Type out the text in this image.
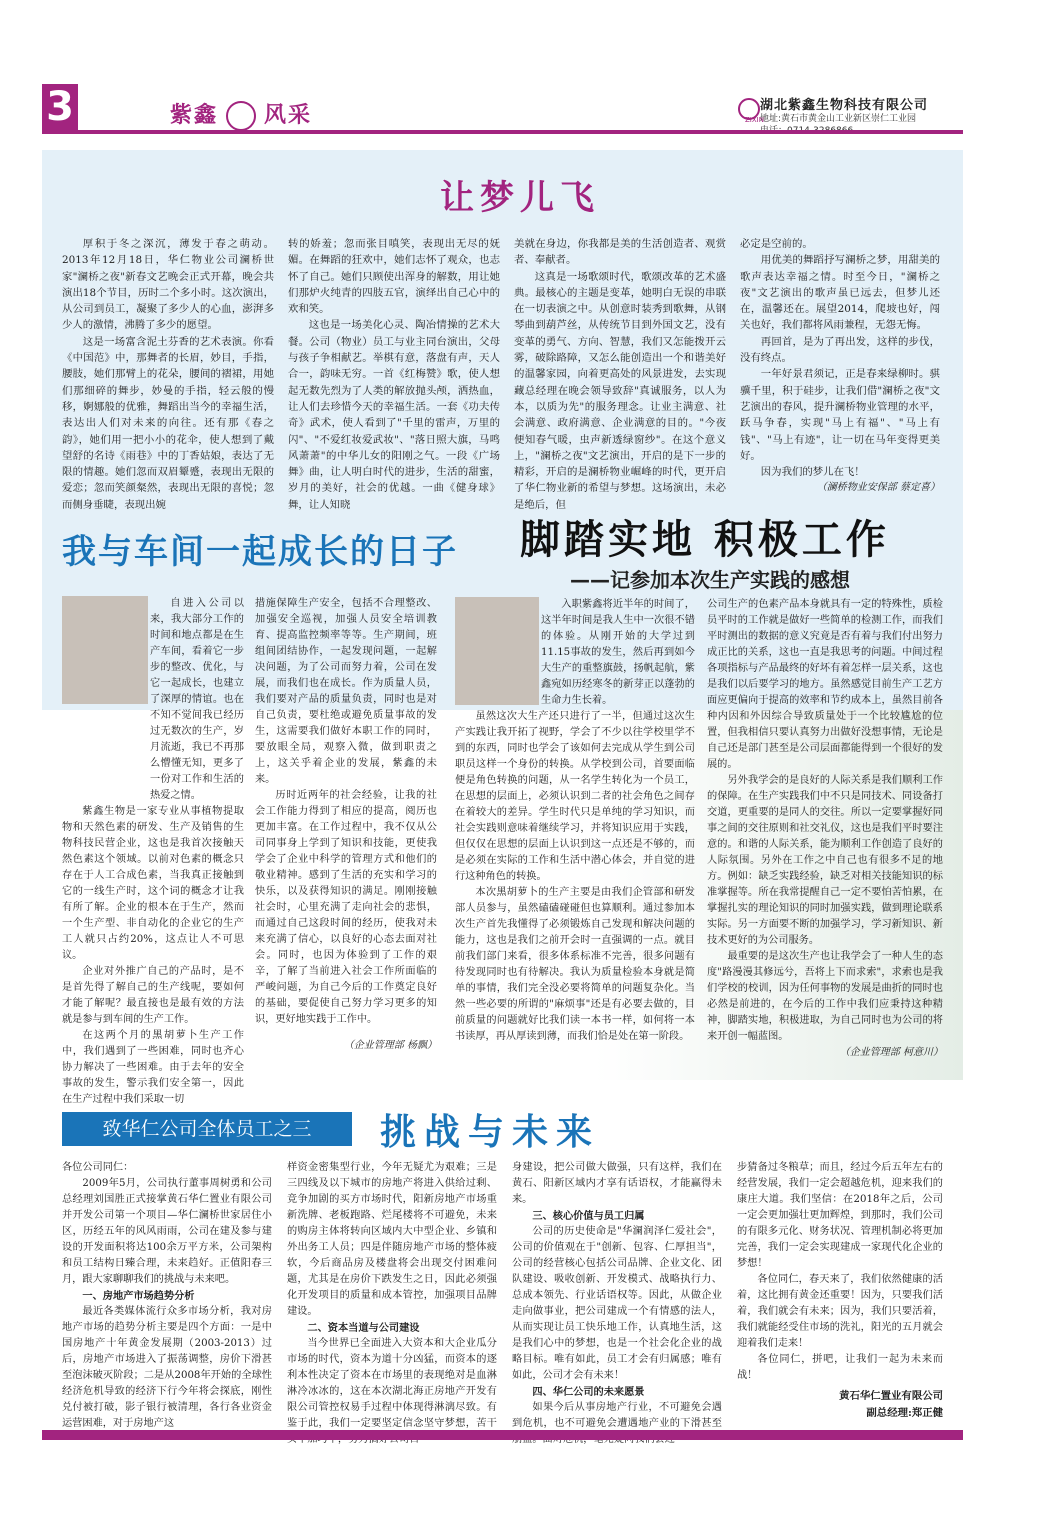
3	紫鑫 风采	湖北紫鑫生物科技有限公司
地址:黄石市黄金山工业新区崇仁工业园
ZIXIN
让梦儿飞

厚积于冬之深沉，薄发于春之萌动。2013年12月18日，华仁物业公司澜桥世家"澜桥之夜"新春文艺晚会正式开幕，晚会共演出18个节目，历时二个多小时。这次演出，从公司到员工，凝聚了多少人的心血，澎湃多少人的激情，沸腾了多少的愿望。

这是一场富含泥土芬香的艺术表演。你看《中国范》中，那舞者的长眉，妙目，手指，腰肢，她们那臂上的花朵，腰间的褶裙，用她们那细碎的舞步，妙曼的手指，轻云般的慢移，婀娜般的优雅，舞蹈出当今的幸福生活，表达出人们对未来的向往。还有那《春之韵》，她们用一把小小的花伞，使人想到了戴望舒的名诗《雨巷》中的丁香姑娘，表达了无限的情趣。她们忽而双眉颦蹙，表现出无限的爱恋；忽而笑颜粲然，表现出无限的喜悦；忽而侧身垂睫，表现出婉

转的娇羞；忽而张目嗔笑，表现出无尽的妩媚。在舞蹈的狂欢中，她们志怀了观众，也志怀了自己。她们只顾使出浑身的解数，用让她们那炉火纯青的四肢五官，演绎出自己心中的欢和笑。

这也是一场美化心灵、陶冶情操的艺术大餐。公司（物业）员工与业主同台演出，父母与孩子争相献艺。举棋有意，落盘有声，天人合一，韵味无穷。一首《红梅赞》歌，使人想起无数先烈为了人类的解放抛头颅，洒热血，让人们去珍惜今天的幸福生活。一套《功夫传奇》武术，使人看到了"千里的雷声，万里的闪"、"不爱红妆爱武妆"、"落日照大旗，马鸣风萧萧"的中华儿女的阳刚之气。一段《广场舞》曲，让人明白时代的进步，生活的甜蜜，岁月的美好，社会的优越。一曲《健身球》舞，让人知晓

美就在身边，你我都是美的生活创造者、观赏者、奉献者。

这真是一场歌颂时代，歌颂改革的艺术盛典。最核心的主题是变革，她明白无误的串联在一切表演之中。从创意时装秀到歌舞，从钢琴曲到葫芦丝，从传统节目到外国文艺，没有变革的勇气、方向、智慧，我们又怎能拨开云雾，破除路障，又怎么能创造出一个和谐美好的温馨家园，向着更高处的风景进发，去实现藏总经理在晚会领导致辞"真诚服务，以人为本，以质为先"的服务理念。让业主满意、社会满意、政府满意、企业满意的目的。"今夜便知春气暖，虫声新透绿窗纱"。在这个意义上，"澜桥之夜"文艺演出，开启的是下一步的精彩，开启的是澜桥物业崛峰的时代，更开启了华仁物业新的希望与梦想。这场演出，未必是绝后，但

必定是空前的。

用优美的舞蹈抒写澜桥之梦，用甜美的歌声表达幸福之情。时至今日，"澜桥之夜"文艺演出的歌声虽已远去，但梦儿还在，温馨还在。展望2014，爬坡也好，闯关也好，我们都将风雨兼程，无怨无悔。

再回首，是为了再出发，这样的步伐，没有终点。

一年好景君须记，正是春来绿柳时。骐骥千里，积于硅步，让我们借"澜桥之夜"文艺演出的春风，提升澜桥物业管理的水平，跃马争春，实现"马上有福"、"马上有钱"、"马上有迹"，让一切在马年变得更美好。

因为我们的梦儿在飞！

（澜桥物业安保部 蔡定喜）
我与车间一起成长的日子

自进入公司以来，我大部分工作的时间和地点都是在生产车间，看着它一步步的整改、优化，与它一起成长，也建立了深厚的情谊。也在不知不觉间我已经历过无数次的生产，岁月流逝，我已不再那么懵懂无知，更多了一份对工作和生活的热爱之情。

紫鑫生物是一家专业从事植物提取物和天然色素的研发、生产及销售的生物科技民营企业，这也是我首次接触天然色素这个领域。以前对色素的概念只存在于人工合成色素，当我真正接触到它的一线生产时，这个词的概念才让我有所了解。企业的根本在于生产，然而一个生产型、非自动化的企业它的生产工人就只占约20%，这点让人不可思议。

企业对外推广自己的产品时，是不是首先得了解自己的生产线呢，要如何才能了解呢？最直接也是最有效的方法就是参与到车间的生产工作。

在这两个月的黑胡萝卜生产工作中，我们遇到了一些困难，同时也齐心协力解决了一些困难。由于去年的安全事故的发生，警示我们安全第一，因此在生产过程中我们采取一切

措施保障生产安全，包括不合理整改、加强安全巡视，加强人员安全培训教育、提高监控频率等等。生产期间，班组间团结协作，一起发现问题，一起解决问题，为了公司而努力着，公司在发展，而我们也在成长。作为质量人员，我们要对产品的质量负责，同时也是对自己负责，要杜绝或避免质量事故的发生，这需要我们做好本职工作的同时，要放眼全局，观察入微，做到职责之上，这关乎着企业的发展，紫鑫的未来。

历时近两年的社会经验，让我的社会工作能力得到了相应的提高，阅历也更加丰富。在工作过程中，我不仅从公司同事身上学到了知识和技能，更使我学会了企业中科学的管理方式和他们的敬业精神。感到了生活的充实和学习的快乐，以及获得知识的满足。刚刚接触社会时，心里充满了走向社会的悲惧，而通过自己这段时间的经历，使我对未来充满了信心，以良好的心态去面对社会。同时，也因为体验到了工作的艰辛，了解了当前进入社会工作所面临的严峻问题，为自己今后的工作奠定良好的基础，要促使自己努力学习更多的知识，更好地实践于工作中。

（企业管理部 杨飘）
脚踏实地 积极工作
——记参加本次生产实践的感想

入职紫鑫将近半年的时间了，这半年时间是我人生中一次很不错的体验。从刚开始的大学过到11.15事故的发生，然后再到如今大生产的重整旗鼓，扬帆起航，紫鑫宛如历经寒冬的新芽正以蓬勃的生命力生长着。

虽然这次大生产还只进行了一半，但通过这次生产实践让我开拓了视野，学会了不少以往学校里学不到的东西，同时也学会了该如何去完成从学生到公司职员这样一个身份的转换。从学校到公司，首要面临便是角色转换的问题，从一名学生转化为一个员工，在思想的层面上，必须认识到二者的社会角色之间存在着较大的差异。学生时代只是单纯的学习知识，而社会实践则意味着继续学习，并将知识应用于实践，但仅仅在思想的层面上认识到这一点还是不够的，而是必须在实际的工作和生活中潜心体会，并自觉的进行这种角色的转换。

本次黑胡萝卜的生产主要是由我们企管部和研发部人员参与，虽然磕磕碰碰但也算顺利。通过参加本次生产首先我懂得了必须锻炼自己发现和解决问题的能力，这也是我们之前开会时一直强调的一点。就目前我们部门来看，很多体系标准不完善，很多问题有待发现同时也有待解决。我认为质量检验本身就是简单的事情，我们完全没必要将简单的问题复杂化。当然一些必要的所谓的"麻烦事"还是有必要去做的，目前质量的问题就好比我们读一本书一样，如何将一本书读厚，再从厚读到薄，而我们恰是处在第一阶段。

公司生产的色素产品本身就具有一定的特殊性，质检员平时的工作就是做好一些简单的检测工作，而我们平时测出的数据的意义究竟是否有着与我们付出努力成正比的关系，这也一直是我思考的问题。中间过程各项指标与产品最终的好坏有着怎样一层关系，这也是我们以后要学习的地方。虽然感觉目前生产工艺方面应更偏向于提高的效率和节约成本上，虽然目前各种内因和外因综合导致质量处于一个比较尴尬的位置，但我相信只要认真努力出做好没想事情，无论是自己还是部门甚至是公司层面都能得到一个很好的发展的。

另外我学会的是良好的人际关系是我们顺利工作的保障。在生产实践我们中不只是同技术、同设备打交道，更重要的是同人的交往。所以一定要掌握好同事之间的交往原则和社交礼仪，这也是我们平时要注意的。和谐的人际关系，能为顺利工作创造了良好的人际氛围。另外在工作之中自己也有很多不足的地方。例如：缺乏实践经验，缺乏对相关技能知识的标准掌握等。所在我常提醒自己一定不要怕苦怕累，在掌握扎实的理论知识的同时加强实践，做到理论联系实际。另一方面要不断的加强学习，学习新知识、新技术更好的为公司服务。

最重要的是这次生产也让我学会了一种人生的态度"路漫漫其修远兮，吾将上下而求索"，求索也是我们学校的校训，因为任何事物的发展是曲折的同时也必然是前进的，在今后的工作中我们应秉持这种精神，脚踏实地，积极进取，为自己同时也为公司的将来开创一幅蓝图。

（企业管理部 柯意川）
致华仁公司全体员工之三	挑战与未来

各位公司同仁：

2009年5月，公司执行董事周树勇和公司总经理刘国胜正式接掌黄石华仁置业有限公司并开发公司第一个项目—华仁澜桥世家居住小区，历经五年的风风雨雨，公司在建及参与建设的开发面积将达100余万平方米，公司架构和员工结构日臻合理，未来趋好。正值阳春三月，跟大家聊聊我们的挑战与未来吧。

一、房地产市场趋势分析

最近各类媒体流行众多市场分析，我对房地产市场的趋势分析主要是四个方面：一是中国房地产十年黄金发展期（2003-2013）过后，房地产市场进入了振荡调整，房价下滑甚至泡沫破灭阶段；二是从2008年开始的全球性经济危机导致的经济下行今年将会探底，刚性兑付被打破，影子银行被清理，各行各业资金运营困难，对于房地产这

样资金密集型行业，今年无疑尤为艰难；三是三四线及以下城市的房地产将进入供给过剩、竞争加剧的买方市场时代，阳新房地产市场重新洗牌、老板跑路、烂尾楼将不可避免，未来的购房主体将转向区域内大中型企业、乡镇和外出务工人员；四是伴随房地产市场的整体疲软，今后商品房及楼盘将会出现交付困难问题，尤其是在房价下跌发生之日，因此必须强化开发项目的质量和成本管控，加强项目品牌建设。

二、资本当道与公司建设

当今世界已全面进入大资本和大企业瓜分市场的时代，资本为道十分凶猛，而资本的逐利本性决定了资本在市场里的表现绝对是血淋淋冷冰冰的，这在本次湖北海正房地产开发有限公司管控权易手过程中体现得淋漓尽致。有鉴于此，我们一定要坚定信念坚守梦想，苦干

身建设，把公司做大做强，只有这样，我们在黄石、阳新区域内才享有话语权，才能赢得未来。

三、核心价值与员工归属

公司的历史使命是"华澜润泽仁爱社会"，公司的价值观在于"创新、包容、仁厚担当"，公司的经营核心包括公司品牌、企业文化、团队建设、吸收创新、开发模式、战略执行力、总成本领先、行业话语权等。因此，从做企业走向做事业，把公司建成一个有情感的法人，从而实现让员工快乐地工作，认真地生活，这是我们心中的梦想，也是一个社会化企业的战略目标。唯有如此，员工才会有归属感；唯有如此，公司才会有未来！

四、华仁公司的未来愿景

如果今后从事房地产行业，不可避免会遇到危机，也不可避免会遭遇地产业的下滑甚至

步猜备过冬粮草；而且，经过今后五年左右的经营发展，我们一定会超越危机，迎来我们的康庄大道。我们坚信：在2018年之后，公司一定会更加强壮更加辉煌，到那时，我们公司的有限多元化、财务状况、管理机制必将更加完善，我们一定会实现建成一家现代化企业的梦想！

各位同仁，春天来了，我们依然健康的活着，这比拥有黄金还重要！因为，只要我们活着，我们就会有未来；因为，我们只要活着，我们就能经受住市场的洗礼，阳光的五月就会迎着我们走来！

各位同仁，拼吧，让我们一起为未来而战！

黄石华仁置业有限公司
副总经理:郑正健
